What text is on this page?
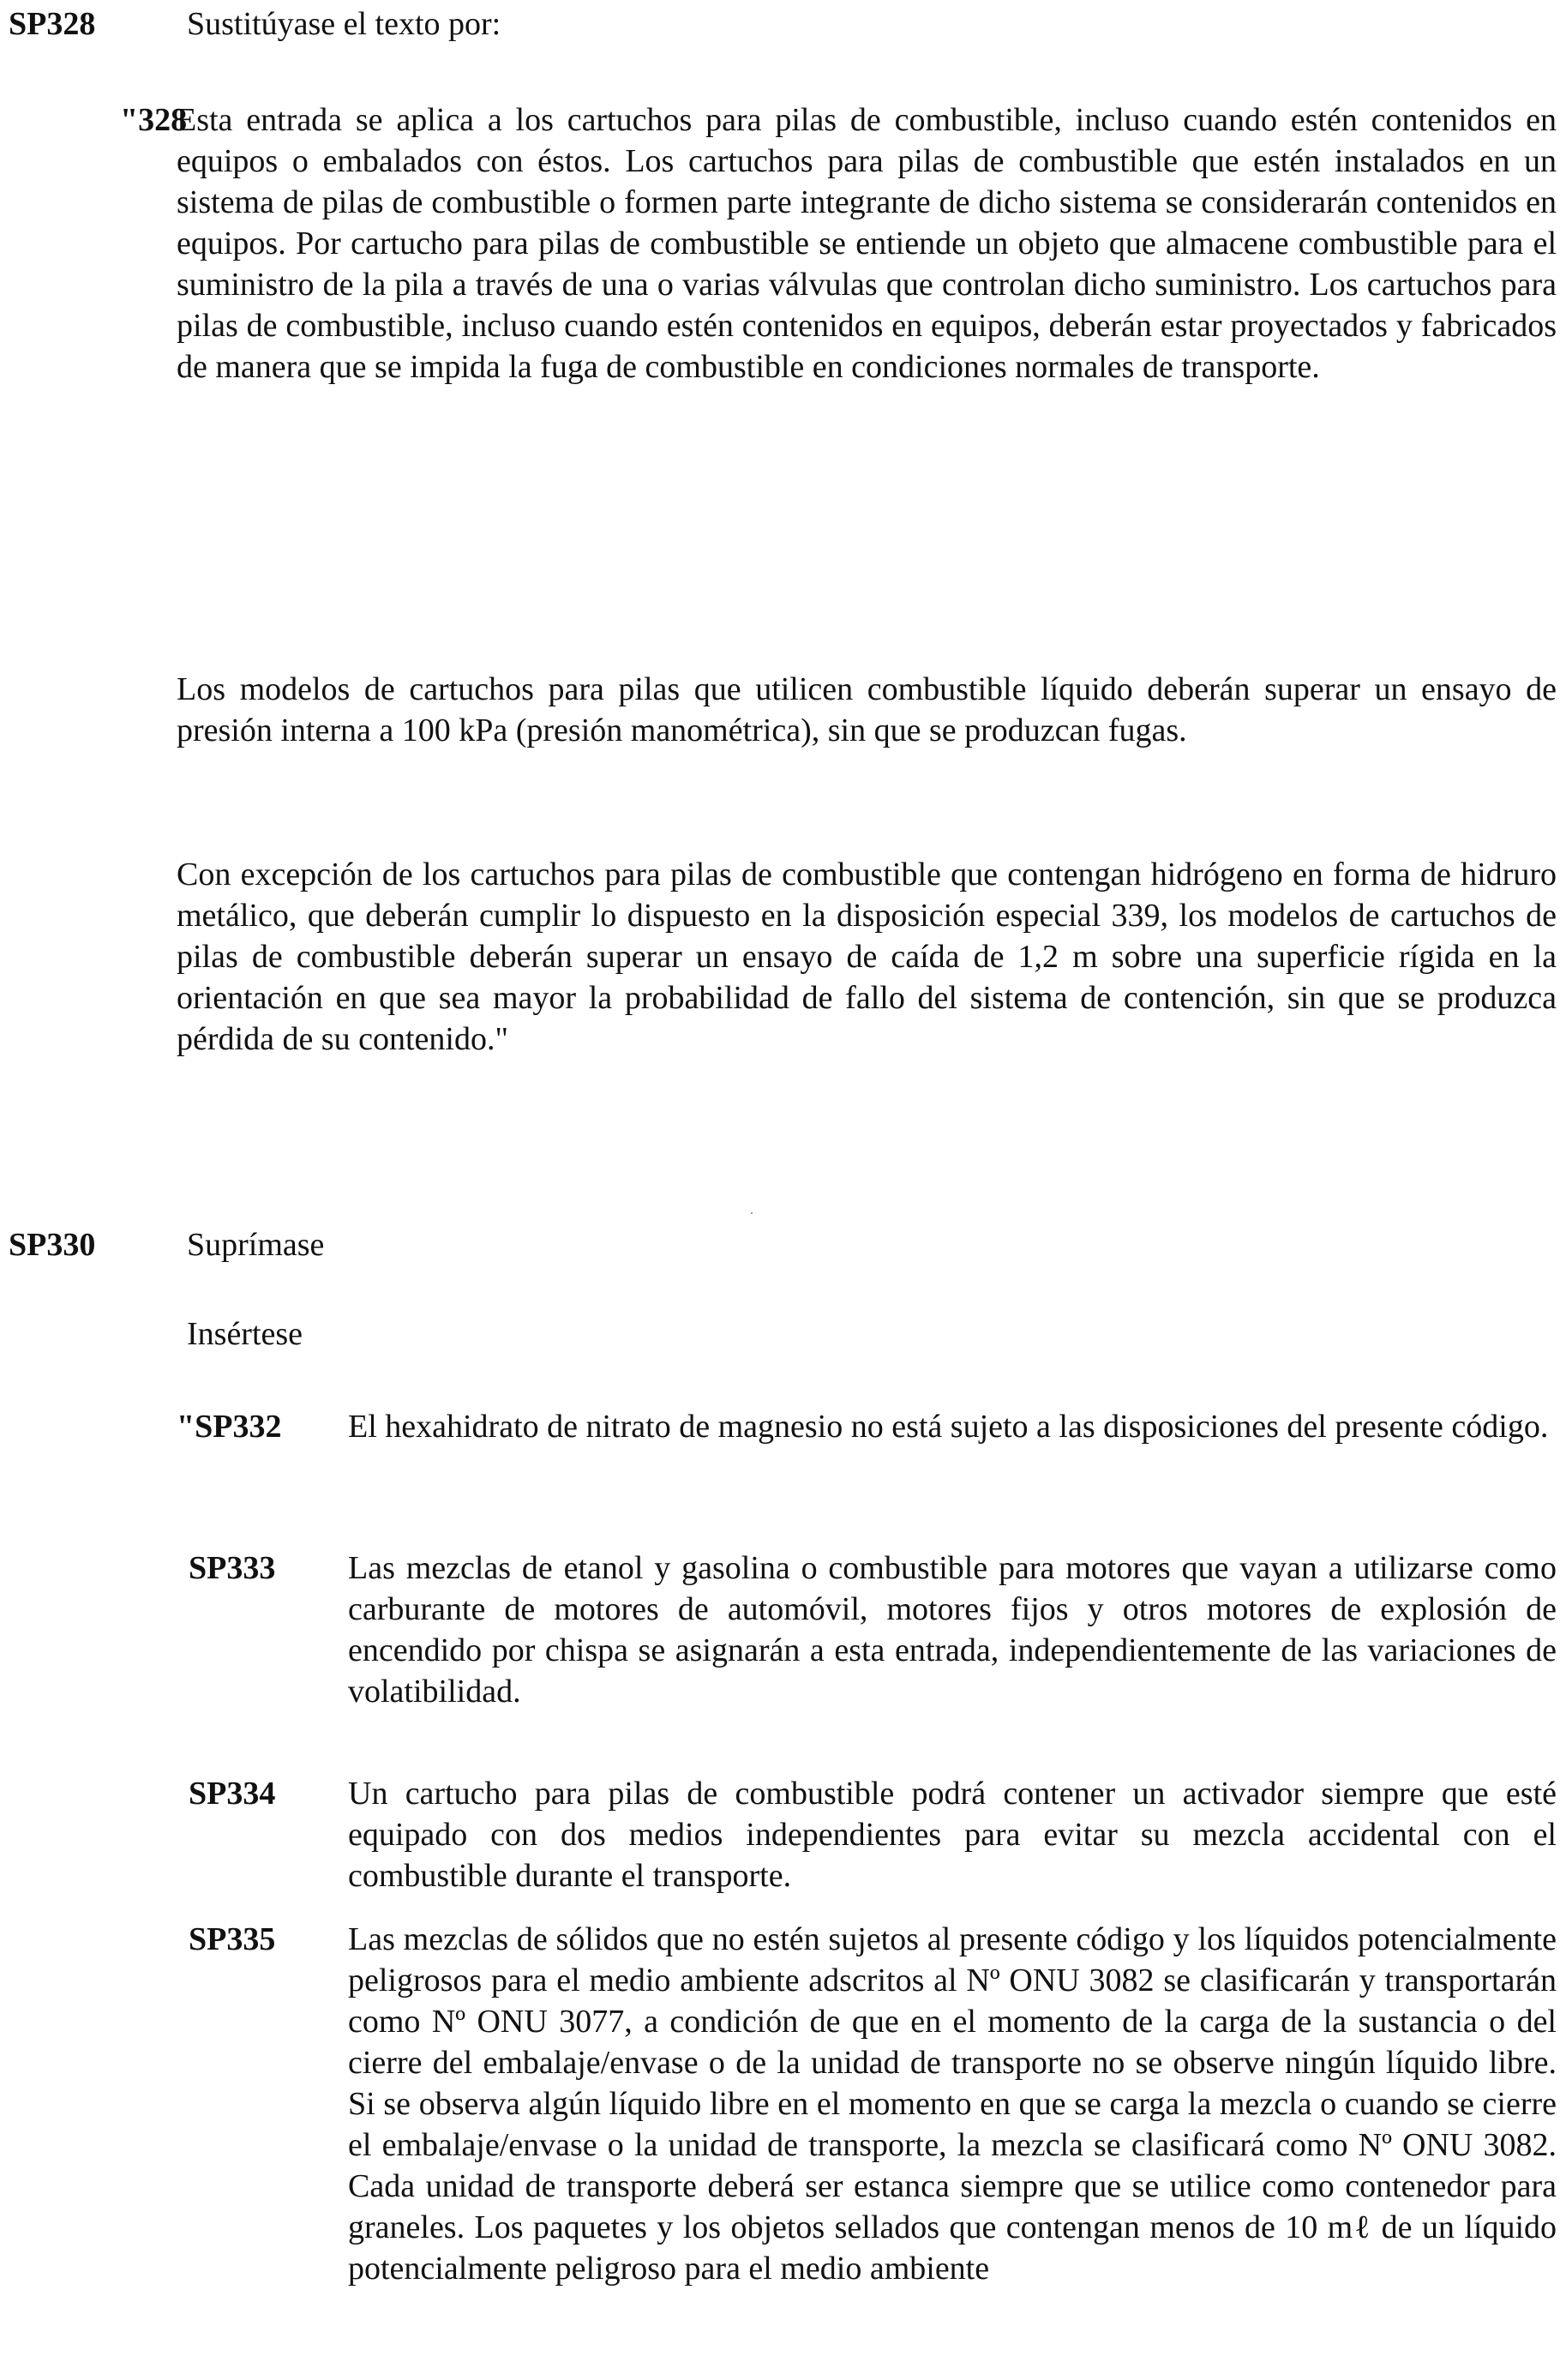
SP328	Sustitúyase el texto por:
"328

Esta entrada se aplica a los cartuchos para pilas de combustible, incluso cuando estén contenidos en equipos o embalados con éstos. Los cartuchos para pilas de combustible que estén instalados en un sistema de pilas de combustible o formen parte integrante de dicho sistema se considerarán contenidos en equipos. Por cartucho para pilas de combustible se entiende un objeto que almacene combustible para el suministro de la pila a través de una o varias válvulas que controlan dicho suministro. Los cartuchos para pilas de combustible, incluso cuando estén contenidos en equipos, deberán estar proyectados y fabricados de manera que se impida la fuga de combustible en condiciones normales de transporte.

Los modelos de cartuchos para pilas que utilicen combustible líquido deberán superar un ensayo de presión interna a 100 kPa (presión manométrica), sin que se produzcan fugas.

Con excepción de los cartuchos para pilas de combustible que contengan hidrógeno en forma de hidruro metálico, que deberán cumplir lo dispuesto en la disposición especial 339, los modelos de cartuchos de pilas de combustible deberán superar un ensayo de caída de 1,2 m sobre una superficie rígida en la orientación en que sea mayor la probabilidad de fallo del sistema de contención, sin que se produzca pérdida de su contenido."

SP330	Suprímase
Insértese
"SP332 El hexahidrato de nitrato de magnesio no está sujeto a las disposiciones del presente código.

SP333 Las mezclas de etanol y gasolina o combustible para motores que vayan a utilizarse como carburante de motores de automóvil, motores fijos y otros motores de explosión de encendido por chispa se asignarán a esta entrada, independientemente de las variaciones de volatibilidad.

SP334 Un cartucho para pilas de combustible podrá contener un activador siempre que esté equipado con dos medios independientes para evitar su mezcla accidental con el combustible durante el transporte.

SP335 Las mezclas de sólidos que no estén sujetos al presente código y los líquidos potencialmente peligrosos para el medio ambiente adscritos al Nº ONU 3082 se clasificarán y transportarán como Nº ONU 3077, a condición de que en el momento de la carga de la sustancia o del cierre del embalaje/envase o de la unidad de transporte no se observe ningún líquido libre. Si se observa algún líquido libre en el momento en que se carga la mezcla o cuando se cierre el embalaje/envase o la unidad de transporte, la mezcla se clasificará como Nº ONU 3082. Cada unidad de transporte deberá ser estanca siempre que se utilice como contenedor para graneles. Los paquetes y los objetos sellados que contengan menos de 10 mℓ de un líquido potencialmente peligroso para el medio ambiente
